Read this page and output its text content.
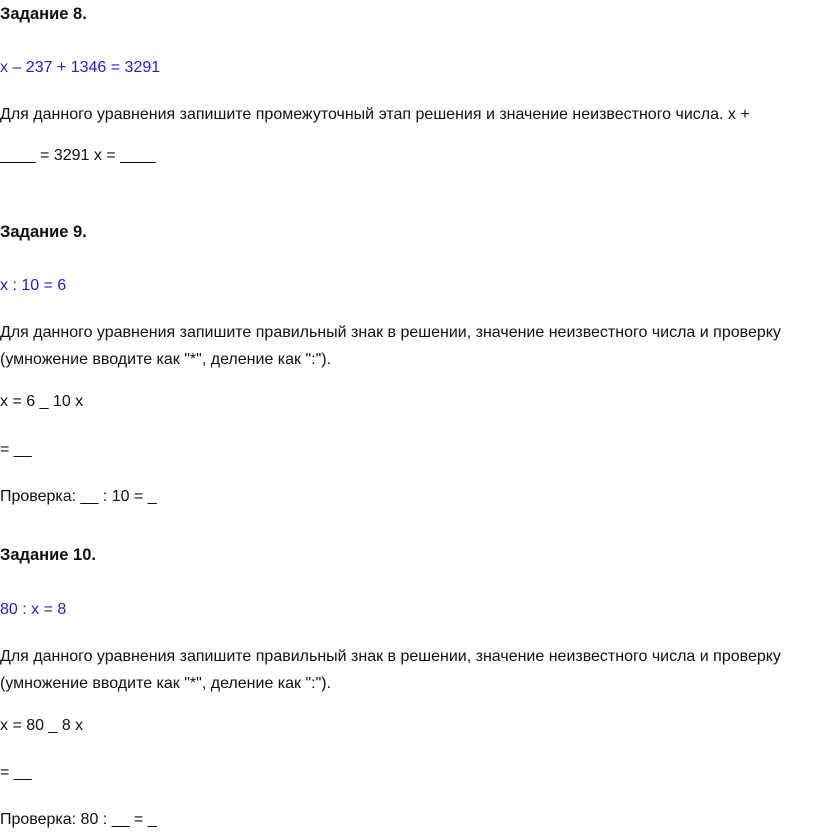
Задание 8.
x – 237 + 1346 = 3291
Для данного уравнения запишите промежуточный этап решения и значение неизвестного числа. x +
____ = 3291 x = ____
Задание 9.
x : 10 = 6
Для данного уравнения запишите правильный знак в решении, значение неизвестного числа и проверку
(умножение вводите как "*", деление как ":").
x = 6 _ 10 x
= __
Проверка: __ : 10 = _
Задание 10.
80 : x = 8
Для данного уравнения запишите правильный знак в решении, значение неизвестного числа и проверку
(умножение вводите как "*", деление как ":").
x = 80 _ 8 x
= __
Проверка: 80 : __ = _
